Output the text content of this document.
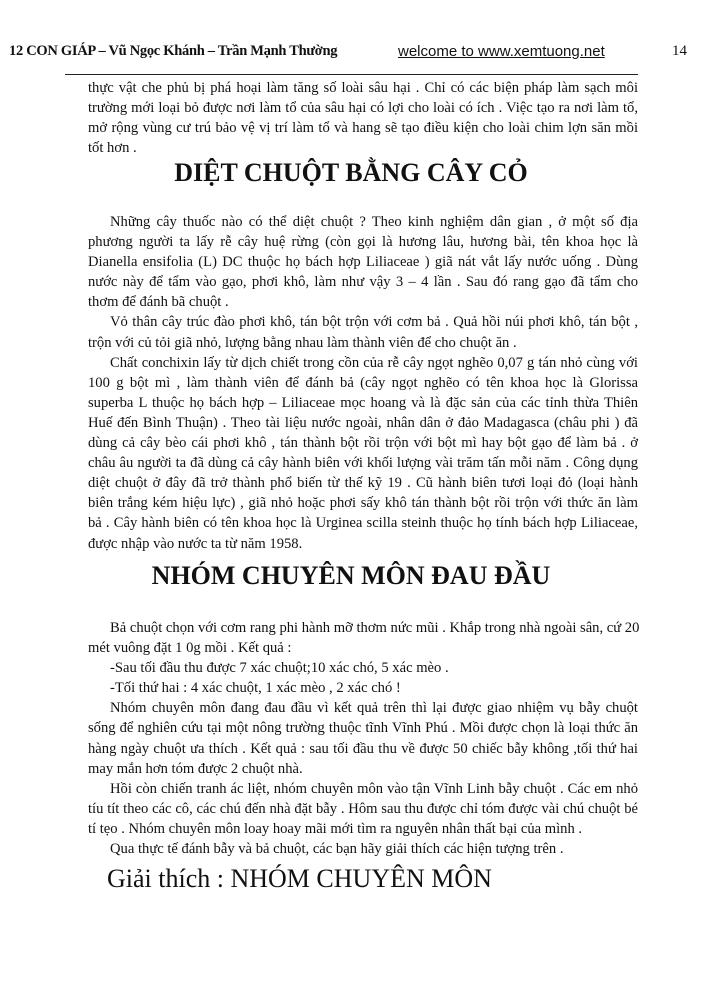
12 CON GIÁP – Vũ Ngọc Khánh – Trần Mạnh Thường	welcome to www.xemtuong.net	14
thực vật che phủ bị phá hoại làm tăng số loài sâu hại . Chỉ có các biện pháp làm sạch môi
trường mới loại bỏ được nơi làm tổ của sâu hại có lợi cho loài có ích . Việc tạo ra nơi làm tổ,
mở rộng vùng cư trú bảo vệ vị trí làm tổ và hang sẽ tạo điều kiện cho loài chim lợn săn mồi
tốt hơn .
DIỆT CHUỘT BẰNG CÂY CỎ
Những cây thuốc nào có thể diệt chuột ? Theo kinh nghiệm dân gian , ở một số địa
phương người ta lấy rễ cây huệ rừng (còn gọi là hương lâu, hương bài, tên khoa học là
Dianella ensifolia (L) DC thuộc họ bách hợp Liliaceae ) giã nát vắt lấy nước uống . Dùng
nước này để tẩm vào gạo, phơi khô, làm như vậy 3 – 4 lần . Sau đó rang gạo đã tẩm cho
thơm để đánh bã chuột .
Vỏ thân cây trúc đào phơi khô, tán bột trộn với cơm bả . Quả hồi núi phơi khô, tán bột ,
trộn với củ tỏi giã nhỏ, lượng bằng nhau làm thành viên để cho chuột ăn .
Chất conchixin lấy từ dịch chiết trong cồn của rễ cây ngọt nghẽo 0,07 g tán nhỏ cùng với
100 g bột mì , làm thành viên để đánh bả (cây ngọt nghẽo có tên khoa học là Glorissa
superba L thuộc họ bách hợp – Liliaceae mọc hoang và là đặc sản của các tỉnh thừa Thiên
Huế đến Bình Thuận) . Theo tài liệu nước ngoài, nhân dân ở đảo Madagasca (châu phi ) đã
dùng cả cây bèo cái phơi khô , tán thành bột rồi trộn với bột mì hay bột gạo để làm bả . ở
châu âu người ta đã dùng cả cây hành biên với khối lượng vài trăm tấn mỗi năm . Công dụng
diệt chuột ở đây đã trở thành phổ biến từ thế kỹ 19 . Cũ hành biên tươi loại đỏ (loại hành
biên trắng kém hiệu lực) , giã nhỏ hoặc phơi sấy khô tán thành bột rồi trộn với thức ăn làm
bả . Cây hành biên có tên khoa học là Urginea scilla steinh thuộc họ tính bách hợp Liliaceae,
được nhập vào nước ta từ năm 1958.
NHÓM CHUYÊN MÔN ĐAU ĐẦU
Bả chuột chọn với cơm rang phi hành mỡ thơm nức mũi . Khắp trong nhà ngoài sân, cứ 20
mét vuông đặt 1 0g mồi . Kết quả :
-Sau tối đầu thu được 7 xác chuột;10 xác chó, 5 xác mèo .
-Tối thứ hai : 4 xác chuột, 1 xác mèo , 2 xác chó !
Nhóm chuyên môn đang đau đầu vì kết quả trên thì lại được giao nhiệm vụ bẫy chuột
sống để nghiên cứu tại một nông trường thuộc tĩnh Vĩnh Phú . Mồi được chọn là loại thức ăn
hàng ngày chuột ưa thích . Kết quả : sau tối đầu thu về được 50 chiếc bẫy không ,tối thứ hai
may mắn hơn tóm được 2 chuột nhà.
Hồi còn chiến tranh ác liệt, nhóm chuyên môn vào tận Vĩnh Linh bẫy chuột . Các em nhỏ
tíu tít theo các cô, các chú đến nhà đặt bẫy . Hôm sau thu được chỉ tóm được vài chú chuột bé
tí tẹo . Nhóm chuyên môn loay hoay mãi mới tìm ra nguyên nhân thất bại của mình .
Qua thực tế đánh bẫy và bả chuột, các bạn hãy giải thích các hiện tượng trên .
Giải thích : NHÓM CHUYÊN MÔN
